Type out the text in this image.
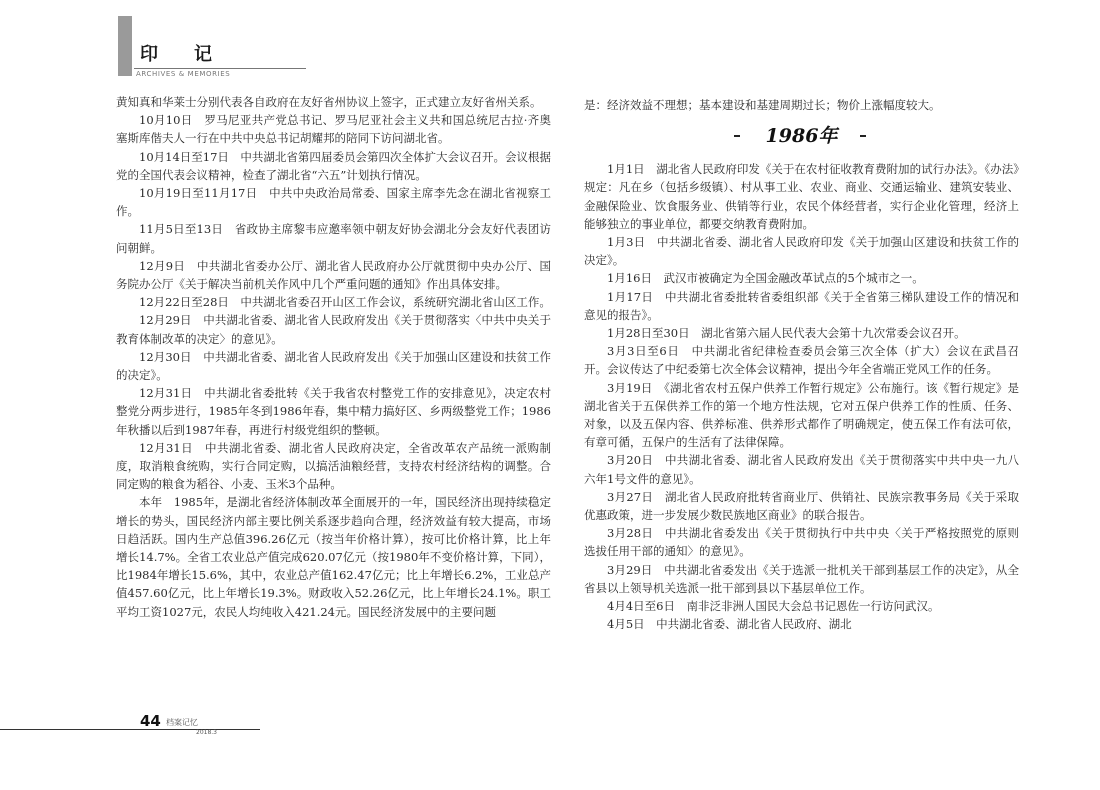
印记

ARCHIVES & MEMORIES

黄知真和华莱士分别代表各自政府在友好省州协议上签字，正式建立友好省州关系。

10月10日　罗马尼亚共产党总书记、罗马尼亚社会主义共和国总统尼古拉·齐奥塞斯库偕夫人一行在中共中央总书记胡耀邦的陪同下访问湖北省。

10月14日至17日　中共湖北省第四届委员会第四次全体扩大会议召开。会议根据党的全国代表会议精神，检查了湖北省“六五”计划执行情况。

10月19日至11月17日　中共中央政治局常委、国家主席李先念在湖北省视察工作。

11月5日至13日　省政协主席黎韦应邀率领中朝友好协会湖北分会友好代表团访问朝鲜。

12月9日　中共湖北省委办公厅、湖北省人民政府办公厅就贯彻中央办公厅、国务院办公厅《关于解决当前机关作风中几个严重问题的通知》作出具体安排。

12月22日至28日　中共湖北省委召开山区工作会议，系统研究湖北省山区工作。

12月29日　中共湖北省委、湖北省人民政府发出《关于贯彻落实〈中共中央关于教育体制改革的决定〉的意见》。

12月30日　中共湖北省委、湖北省人民政府发出《关于加强山区建设和扶贫工作的决定》。

12月31日　中共湖北省委批转《关于我省农村整党工作的安排意见》，决定农村整党分两步进行，1985年冬到1986年春，集中精力搞好区、乡两级整党工作；1986年秋播以后到1987年春，再进行村级党组织的整顿。

12月31日　中共湖北省委、湖北省人民政府决定，全省改革农产品统一派购制度，取消粮食统购，实行合同定购，以搞活油粮经营，支持农村经济结构的调整。合同定购的粮食为稻谷、小麦、玉米3个品种。

本年　1985年，是湖北省经济体制改革全面展开的一年，国民经济出现持续稳定增长的势头，国民经济内部主要比例关系逐步趋向合理，经济效益有较大提高，市场日趋活跃。国内生产总值396.26亿元（按当年价格计算），按可比价格计算，比上年增长14.7%。全省工农业总产值完成620.07亿元（按1980年不变价格计算，下同），比1984年增长15.6%，其中，农业总产值162.47亿元；比上年增长6.2%，工业总产值457.60亿元，比上年增长19.3%。财政收入52.26亿元，比上年增长24.1%。职工平均工资1027元，农民人均纯收入421.24元。国民经济发展中的主要问题

是：经济效益不理想；基本建设和基建周期过长；物价上涨幅度较大。

1986年

1月1日　湖北省人民政府印发《关于在农村征收教育费附加的试行办法》。《办法》规定：凡在乡（包括乡级镇）、村从事工业、农业、商业、交通运输业、建筑安装业、金融保险业、饮食服务业、供销等行业，农民个体经营者，实行企业化管理，经济上能够独立的事业单位，都要交纳教育费附加。

1月3日　中共湖北省委、湖北省人民政府印发《关于加强山区建设和扶贫工作的决定》。

1月16日　武汉市被确定为全国金融改革试点的5个城市之一。

1月17日　中共湖北省委批转省委组织部《关于全省第三梯队建设工作的情况和意见的报告》。

1月28日至30日　湖北省第六届人民代表大会第十九次常委会议召开。

3月3日至6日　中共湖北省纪律检查委员会第三次全体（扩大）会议在武昌召开。会议传达了中纪委第七次全体会议精神，提出今年全省端正党风工作的任务。

3月19日　《湖北省农村五保户供养工作暂行规定》公布施行。该《暂行规定》是湖北省关于五保供养工作的第一个地方性法规，它对五保户供养工作的性质、任务、对象，以及五保内容、供养标准、供养形式都作了明确规定，使五保工作有法可依，有章可循，五保户的生活有了法律保障。

3月20日　中共湖北省委、湖北省人民政府发出《关于贯彻落实中共中央一九八六年1号文件的意见》。

3月27日　湖北省人民政府批转省商业厅、供销社、民族宗教事务局《关于采取优惠政策，进一步发展少数民族地区商业》的联合报告。

3月28日　中共湖北省委发出《关于贯彻执行中共中央〈关于严格按照党的原则选拔任用干部的通知〉的意见》。

3月29日　中共湖北省委发出《关于选派一批机关干部到基层工作的决定》，从全省县以上领导机关选派一批干部到县以下基层单位工作。

4月4日至6日　南非泛非洲人国民大会总书记恩佐一行访问武汉。

4月5日　中共湖北省委、湖北省人民政府、湖北

44 档案记忆

2018.3
